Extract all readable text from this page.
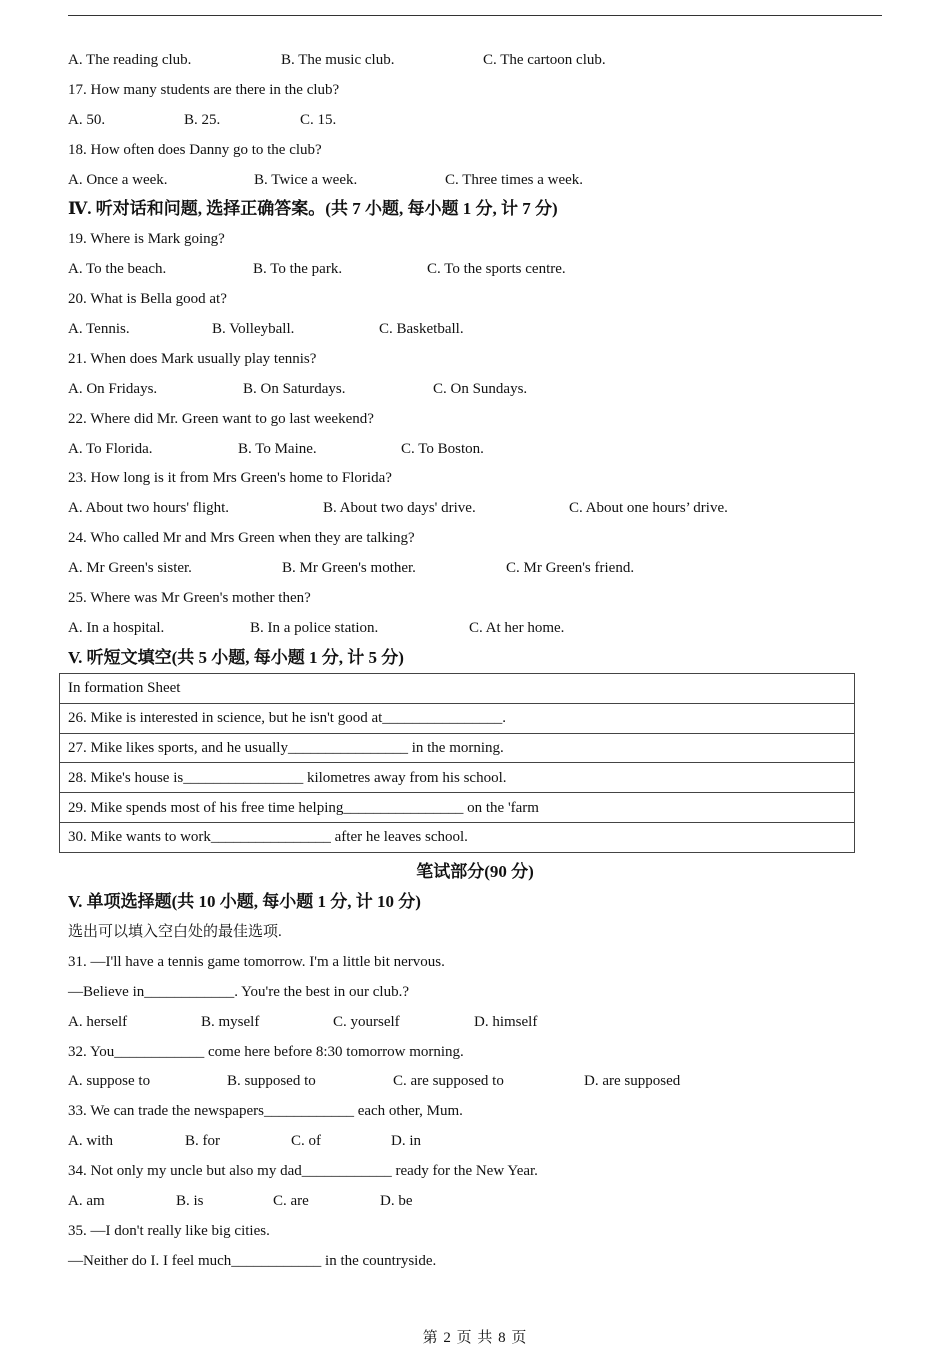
A. The reading club.	B. The music club.	C. The cartoon club.
17. How many students are there in the club?
A. 50.	B. 25.	C. 15.
18. How often does Danny go to the club?
A. Once a week.	B. Twice a week.	C. Three times a week.
Ⅳ. 听对话和问题, 选择正确答案。(共 7 小题, 每小题 1 分, 计 7 分)
19. Where is Mark going?
A. To the beach.	B. To the park.	C. To the sports centre.
20. What is Bella good at?
A. Tennis.	B. Volleyball.	C. Basketball.
21. When does Mark usually play tennis?
A. On Fridays.	B. On Saturdays.	C. On Sundays.
22. Where did Mr. Green want to go last weekend?
A. To Florida.	B. To Maine.	C. To Boston.
23. How long is it from Mrs Green's home to Florida?
A. About two hours' flight.	B. About two days' drive.	C. About one hours’ drive.
24. Who called Mr and Mrs Green when they are talking?
A. Mr Green's sister.	B. Mr Green's mother.	C. Mr Green's friend.
25. Where was Mr Green's mother then?
A. In a hospital.	B. In a police station.	C. At her home.
V. 听短文填空(共 5 小题, 每小题 1 分, 计 5 分)
In formation Sheet
26. Mike is interested in science, but he isn't good at________________.
27. Mike likes sports, and he usually________________ in the morning.
28. Mike's house is________________ kilometres away from his school.
29. Mike spends most of his free time helping________________ on the 'farm
30. Mike wants to work________________ after he leaves school.
笔试部分(90 分)
V. 单项选择题(共 10 小题, 每小题 1 分, 计 10 分)
选出可以填入空白处的最佳选项.
31. —I'll have a tennis game tomorrow. I'm a little bit nervous.
—Believe in____________. You're the best in our club.?
A. herself	B. myself	C. yourself	D. himself
32. You____________ come here before 8:30 tomorrow morning.
A. suppose to	B. supposed to	C. are supposed to	D. are supposed
33. We can trade the newspapers____________ each other, Mum.
A. with	B. for	C. of	D. in
34. Not only my uncle but also my dad____________ ready for the New Year.
A. am	B. is	C. are	D. be
35. —I don't really like big cities.
—Neither do I. I feel much____________ in the countryside.
第 2 页 共 8 页
